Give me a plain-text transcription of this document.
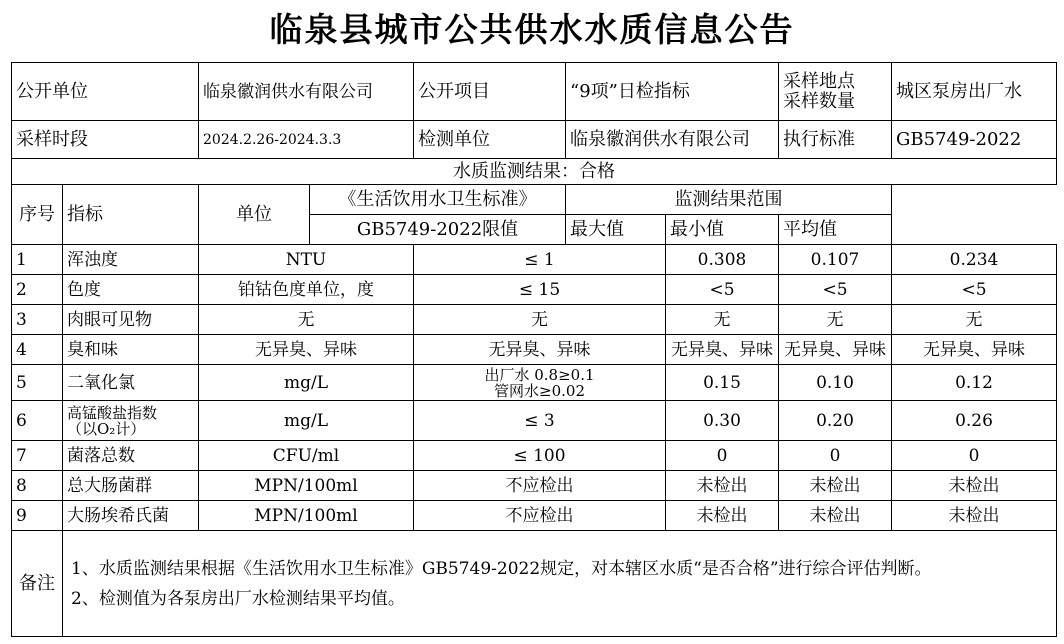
临泉县城市公共供水水质信息公告
公开单位		临泉徽润供水有限公司		公开项目	“9项”日检指标		采样地点
采样数量	城区泵房出厂水
采样时段		2024.2.26-2024.3.3		检测单位	临泉徽润供水有限公司		执行标准	GB5749-2022
水质监测结果：合格								
序号	指标	单位	《生活饮用水卫生标准》		监测结果范围			
			GB5749-2022限值		最大值	最小值	平均值	
1	浑浊度	NTU		≤ 1		0.308	0.107	0.234
2	色度	铂钴色度单位，度		≤ 15		<5	<5	<5
3	肉眼可见物	无		无		无	无	无
4	臭和味	无异臭、异味		无异臭、异味		无异臭、异味	无异臭、异味	无异臭、异味
5	二氧化氯	mg/L		出厂水 0.8≥0.1
管网水≥0.02		0.15	0.10	0.12
6	高锰酸盐指数
（以O₂计）	mg/L		≤ 3		0.30	0.20	0.26
7	菌落总数	CFU/ml		≤ 100		0	0	0
8	总大肠菌群	MPN/100ml		不应检出		未检出	未检出	未检出
9	大肠埃希氏菌	MPN/100ml		不应检出		未检出	未检出	未检出
备注	1、水质监测结果根据《生活饮用水卫生标准》GB5749-2022规定，对本辖区水质“是否合格”进行综合评估判断。

2、检测值为各泵房出厂水检测结果平均值。							
